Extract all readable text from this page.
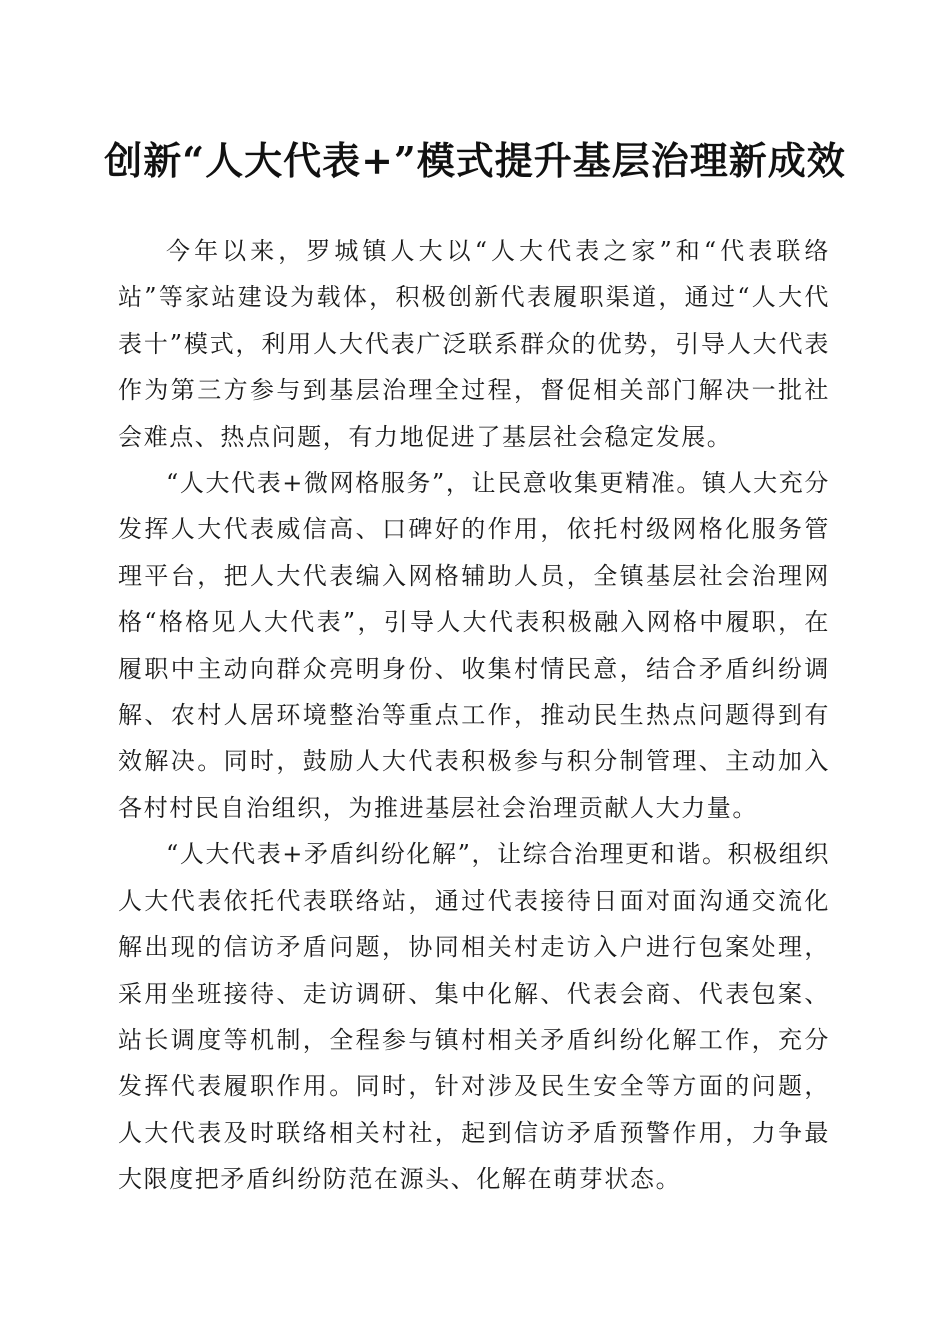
创新“人大代表+”模式提升基层治理新成效

今年以来，罗城镇人大以“人大代表之家”和“代表联络站”等家站建设为载体，积极创新代表履职渠道，通过“人大代表十”模式，利用人大代表广泛联系群众的优势，引导人大代表作为第三方参与到基层治理全过程，督促相关部门解决一批社会难点、热点问题，有力地促进了基层社会稳定发展。

“人大代表+微网格服务”，让民意收集更精准。镇人大充分发挥人大代表威信高、口碑好的作用，依托村级网格化服务管理平台，把人大代表编入网格辅助人员，全镇基层社会治理网格“格格见人大代表”，引导人大代表积极融入网格中履职，在履职中主动向群众亮明身份、收集村情民意，结合矛盾纠纷调解、农村人居环境整治等重点工作，推动民生热点问题得到有效解决。同时，鼓励人大代表积极参与积分制管理、主动加入各村村民自治组织，为推进基层社会治理贡献人大力量。

“人大代表+矛盾纠纷化解”，让综合治理更和谐。积极组织人大代表依托代表联络站，通过代表接待日面对面沟通交流化解出现的信访矛盾问题，协同相关村走访入户进行包案处理，采用坐班接待、走访调研、集中化解、代表会商、代表包案、站长调度等机制，全程参与镇村相关矛盾纠纷化解工作，充分发挥代表履职作用。同时，针对涉及民生安全等方面的问题，人大代表及时联络相关村社，起到信访矛盾预警作用，力争最大限度把矛盾纠纷防范在源头、化解在萌芽状态。
